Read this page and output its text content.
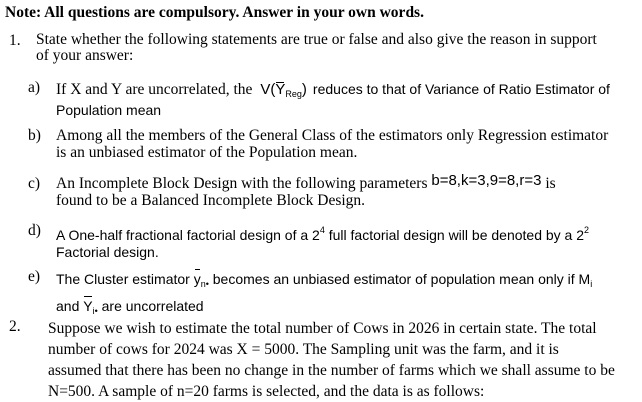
Note: All questions are compulsory. Answer in your own words.
1. State whether the following statements are true or false and also give the reason in support
of your answer:
a) If X and Y are uncorrelated, the $V(Y_{Reg})$ reduces to that of Variance of Ratio Estimator of
Population mean
b) Among all the members of the General Class of the estimators only Regression estimator
is an unbiased estimator of the Population mean.
c) An Incomplete Block Design with the following parameters b=8,k=3,9=8,r=3 is
found to be a Balanced Incomplete Block Design.
d) A One-half fractional factorial design of a $2^4$ full factorial design will be denoted by a $2^2$
Factorial design.
e) The Cluster estimator $y_{n•}$ becomes an unbiased estimator of population mean only if $M_i$
and $Y_{i•}$ are uncorrelated
2. Suppose we wish to estimate the total number of Cows in 2026 in certain state. The total
number of cows for 2024 was X = 5000. The Sampling unit was the farm, and it is
assumed that there has been no change in the number of farms which we shall assume to be
N=500. A sample of n=20 farms is selected, and the data is as follows:
